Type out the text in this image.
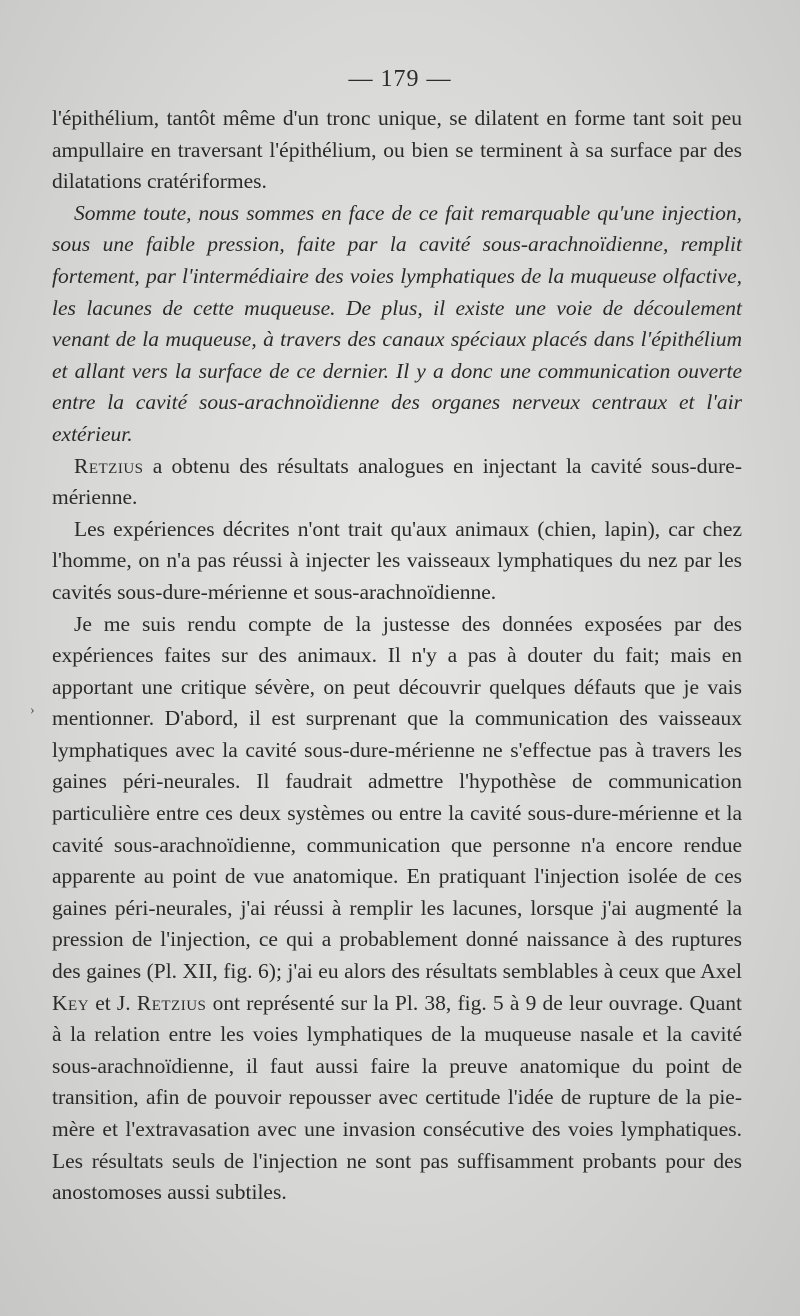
— 179 —
›

l'épithélium, tantôt même d'un tronc unique, se dilatent en forme tant soit peu ampullaire en traversant l'épithélium, ou bien se terminent à sa surface par des dilatations cratériformes.

Somme toute, nous sommes en face de ce fait remarquable qu'une injection, sous une faible pression, faite par la cavité sous-arachnoïdienne, remplit fortement, par l'intermédiaire des voies lymphatiques de la muqueuse olfactive, les lacunes de cette muqueuse. De plus, il existe une voie de découlement venant de la muqueuse, à travers des canaux spéciaux placés dans l'épithélium et allant vers la surface de ce dernier. Il y a donc une communication ouverte entre la cavité sous-arachnoïdienne des organes nerveux centraux et l'air extérieur.

Retzius a obtenu des résultats analogues en injectant la cavité sous-dure-mérienne.

Les expériences décrites n'ont trait qu'aux animaux (chien, lapin), car chez l'homme, on n'a pas réussi à injecter les vaisseaux lymphatiques du nez par les cavités sous-dure-mérienne et sous-arachnoïdienne.

Je me suis rendu compte de la justesse des données exposées par des expériences faites sur des animaux. Il n'y a pas à douter du fait; mais en apportant une critique sévère, on peut découvrir quelques défauts que je vais mentionner. D'abord, il est surprenant que la communication des vaisseaux lymphatiques avec la cavité sous-dure-mérienne ne s'effectue pas à travers les gaines péri-neurales. Il faudrait admettre l'hypothèse de communication particulière entre ces deux systèmes ou entre la cavité sous-dure-mérienne et la cavité sous-arachnoïdienne, communication que personne n'a encore rendue apparente au point de vue anatomique. En pratiquant l'injection isolée de ces gaines péri-neurales, j'ai réussi à remplir les lacunes, lorsque j'ai augmenté la pression de l'injection, ce qui a probablement donné naissance à des ruptures des gaines (Pl. XII, fig. 6); j'ai eu alors des résultats semblables à ceux que Axel Key et J. Retzius ont représenté sur la Pl. 38, fig. 5 à 9 de leur ouvrage. Quant à la relation entre les voies lymphatiques de la muqueuse nasale et la cavité sous-arachnoïdienne, il faut aussi faire la preuve anatomique du point de transition, afin de pouvoir repousser avec certitude l'idée de rupture de la pie-mère et l'extravasation avec une invasion consécutive des voies lymphatiques. Les résultats seuls de l'injection ne sont pas suffisamment probants pour des anostomoses aussi subtiles.
